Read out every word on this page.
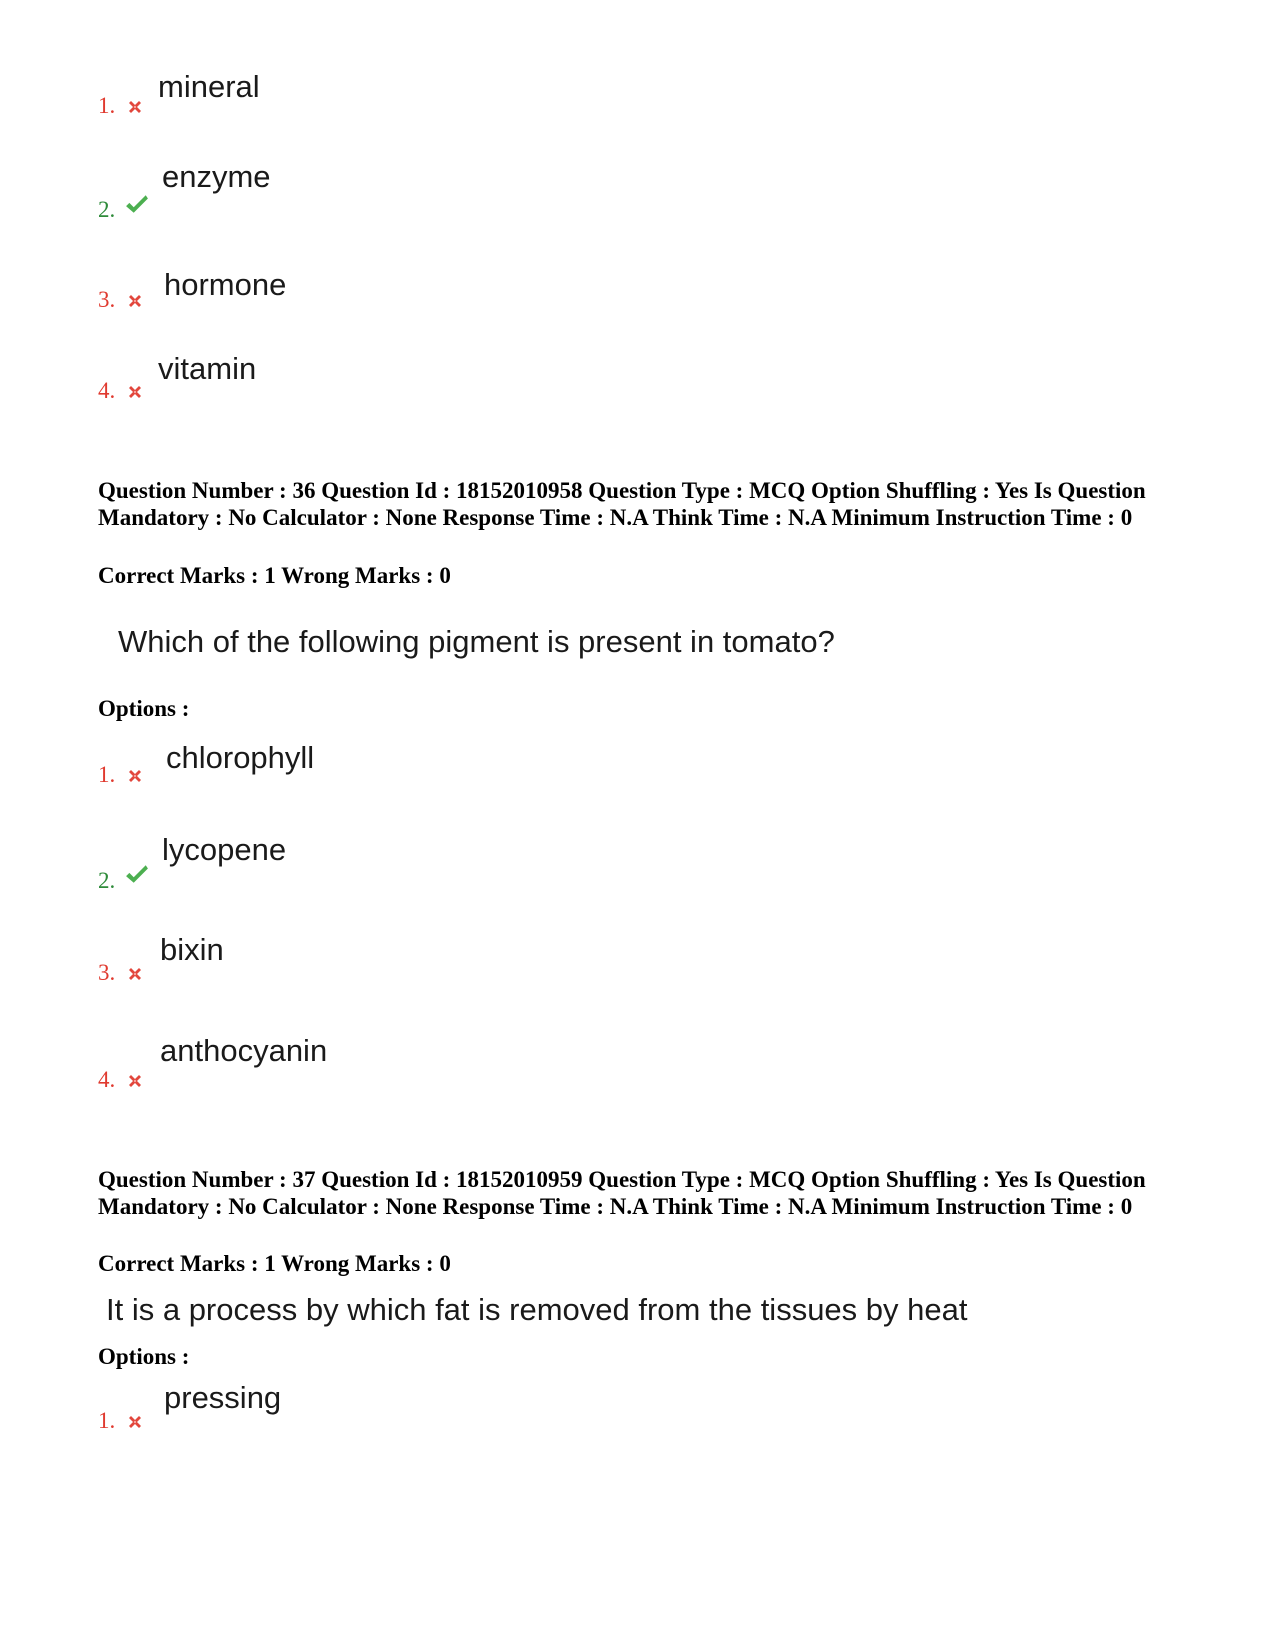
1.
mineral
2.
enzyme
3. hormone
4.
vitamin
Question Number : 36 Question Id : 18152010958 Question Type : MCQ Option Shuffling : Yes Is Question Mandatory : No Calculator : None Response Time : N.A Think Time : N.A Minimum Instruction Time : 0
Correct Marks : 1 Wrong Marks : 0
Which of the following pigment is present in tomato?
Options :
1. chlorophyll
2.
lycopene
3.
bixin
4.
anthocyanin
Question Number : 37 Question Id : 18152010959 Question Type : MCQ Option Shuffling : Yes Is Question Mandatory : No Calculator : None Response Time : N.A Think Time : N.A Minimum Instruction Time : 0
Correct Marks : 1 Wrong Marks : 0
It is a process by which fat is removed from the tissues by heat
Options :
1.
pressing
